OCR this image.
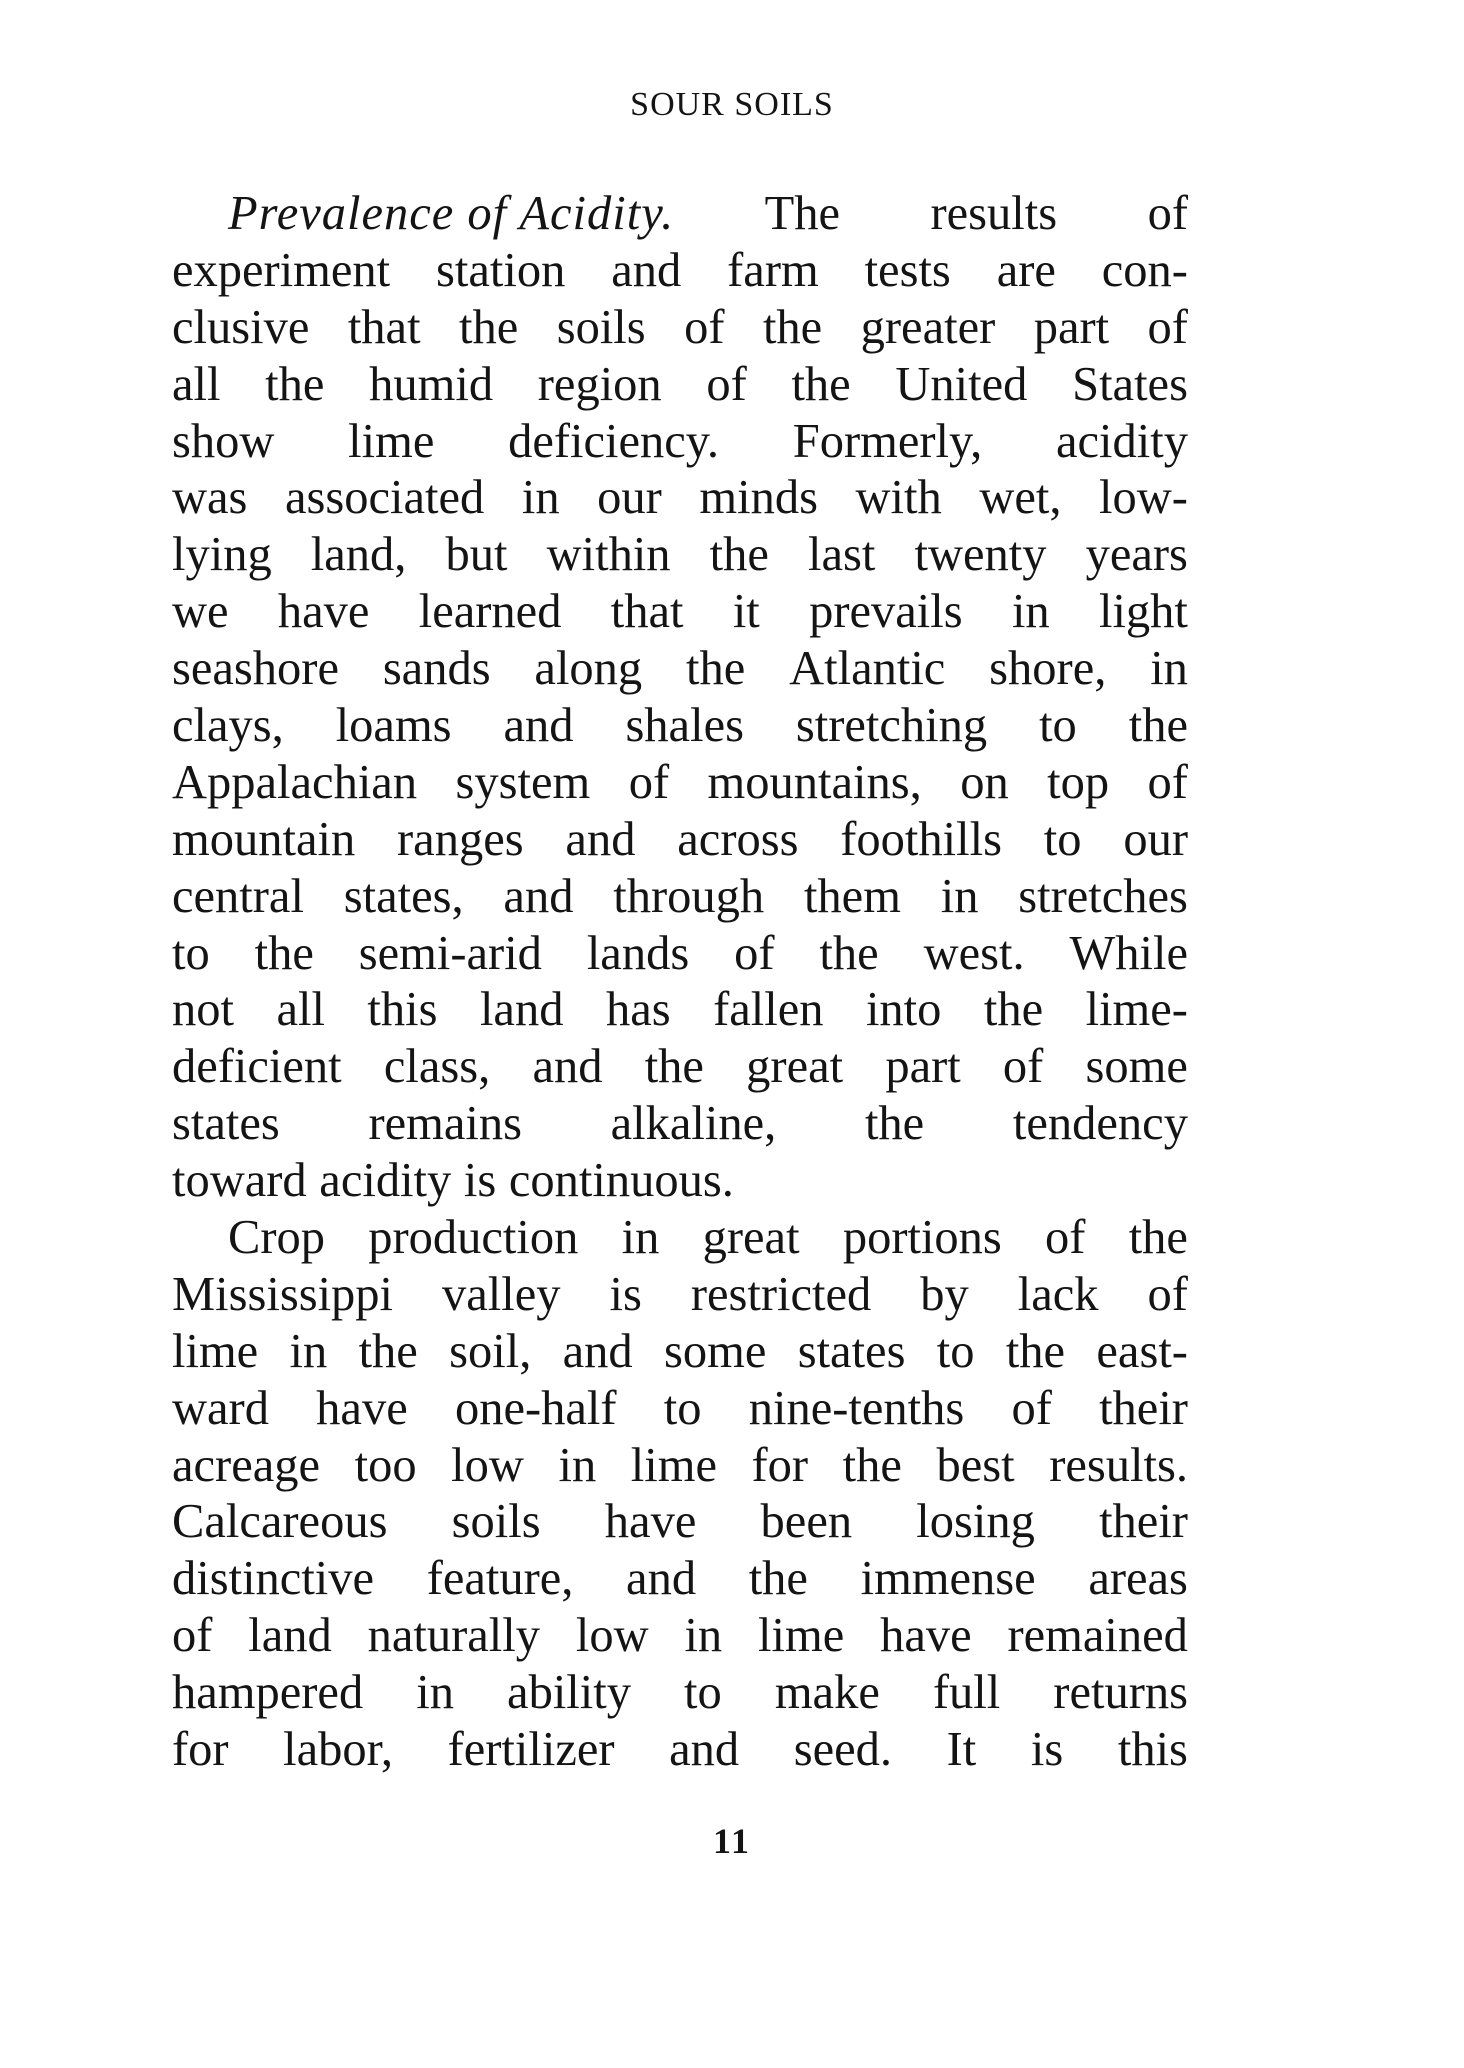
SOUR SOILS
Prevalence of Acidity. The results of
experiment station and farm tests are con-
clusive that the soils of the greater part of
all the humid region of the United States
show lime deficiency. Formerly, acidity
was associated in our minds with wet, low-
lying land, but within the last twenty years
we have learned that it prevails in light
seashore sands along the Atlantic shore, in
clays, loams and shales stretching to the
Appalachian system of mountains, on top of
mountain ranges and across foothills to our
central states, and through them in stretches
to the semi-arid lands of the west. While
not all this land has fallen into the lime-
deficient class, and the great part of some
states remains alkaline, the tendency
toward acidity is continuous.
Crop production in great portions of the
Mississippi valley is restricted by lack of
lime in the soil, and some states to the east-
ward have one-half to nine-tenths of their
acreage too low in lime for the best results.
Calcareous soils have been losing their
distinctive feature, and the immense areas
of land naturally low in lime have remained
hampered in ability to make full returns
for labor, fertilizer and seed. It is this
11
